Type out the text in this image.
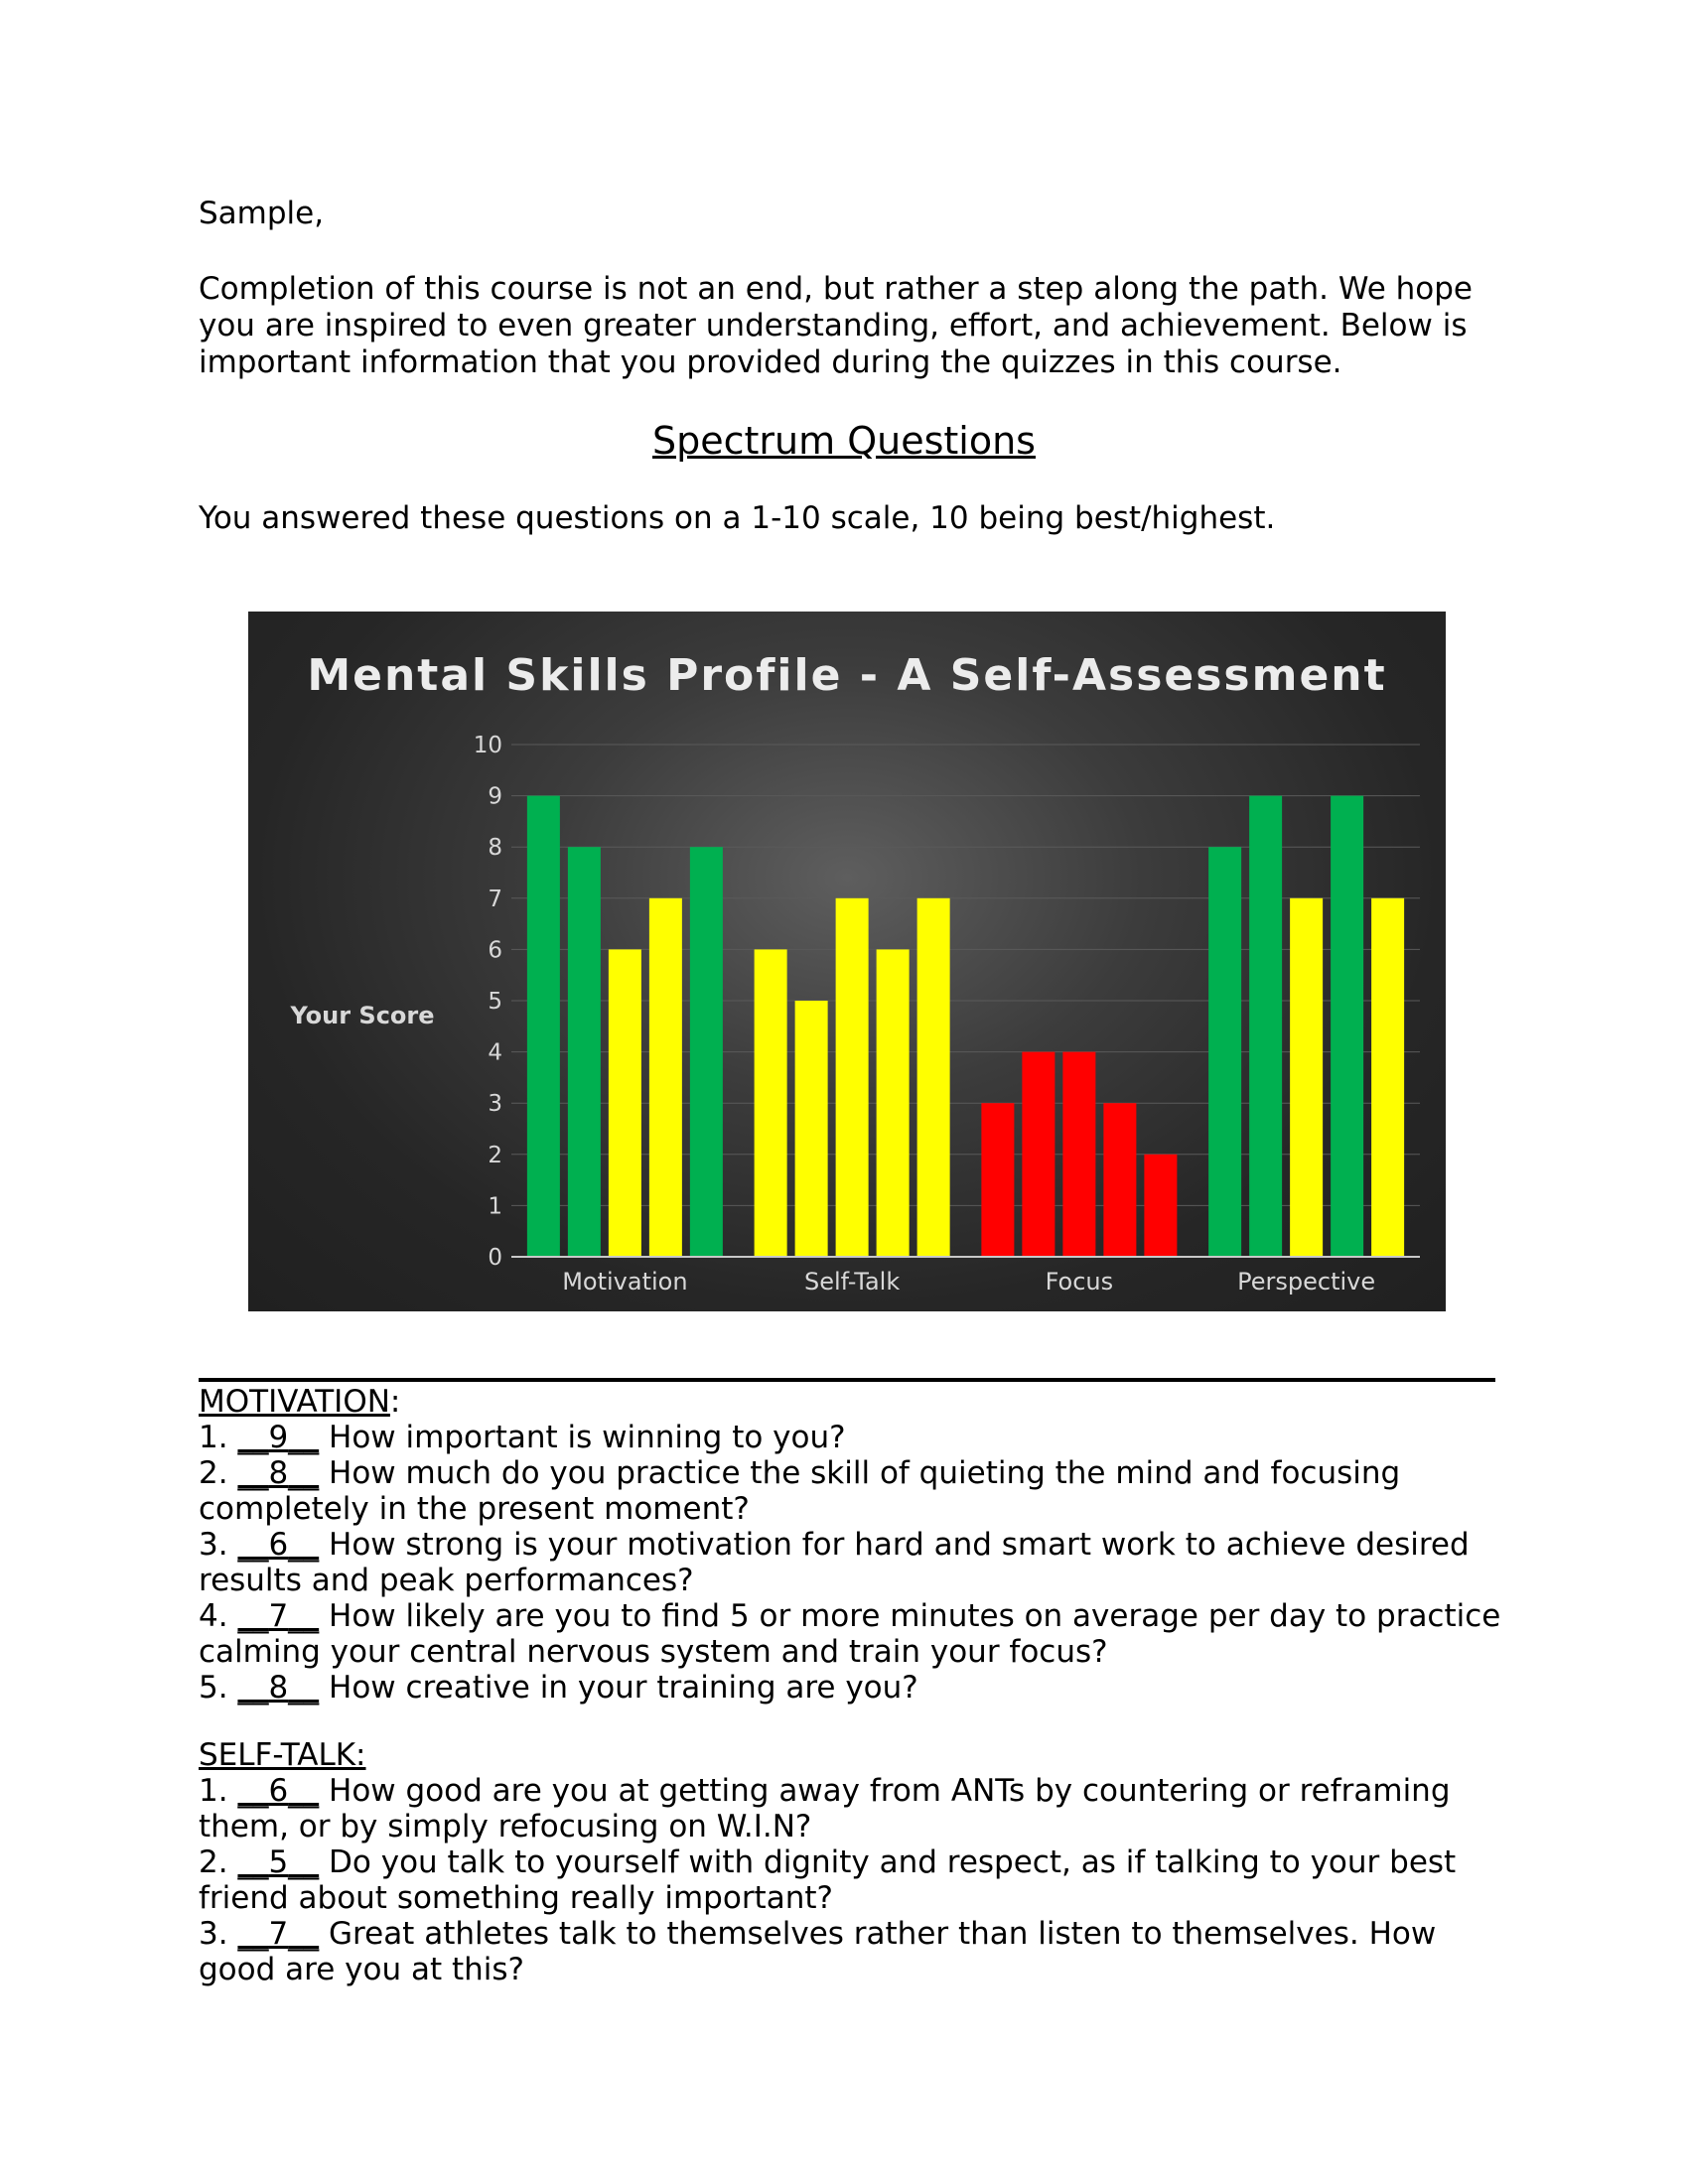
Sample,
Completion of this course is not an end, but rather a step along the path. We hope you are inspired to even greater understanding, effort, and achievement. Below is important information that you provided during the quizzes in this course.
Spectrum Questions
You answered these questions on a 1-10 scale, 10 being best/highest.
Mental Skills Profile - A Self-Assessment
0
1
2
3
4
5
6
7
8
9
10
Your Score
Motivation	Self-Talk	Focus	Perspective
MOTIVATION:
1. __9__ How important is winning to you?
2. __8__ How much do you practice the skill of quieting the mind and focusing completely in the present moment?
3. __6__ How strong is your motivation for hard and smart work to achieve desired results and peak performances?
4. __7__ How likely are you to find 5 or more minutes on average per day to practice calming your central nervous system and train your focus?
5. __8__ How creative in your training are you?
SELF-TALK:
1. __6__ How good are you at getting away from ANTs by countering or reframing them, or by simply refocusing on W.I.N?
2. __5__ Do you talk to yourself with dignity and respect, as if talking to your best friend about something really important?
3. __7__ Great athletes talk to themselves rather than listen to themselves. How good are you at this?
